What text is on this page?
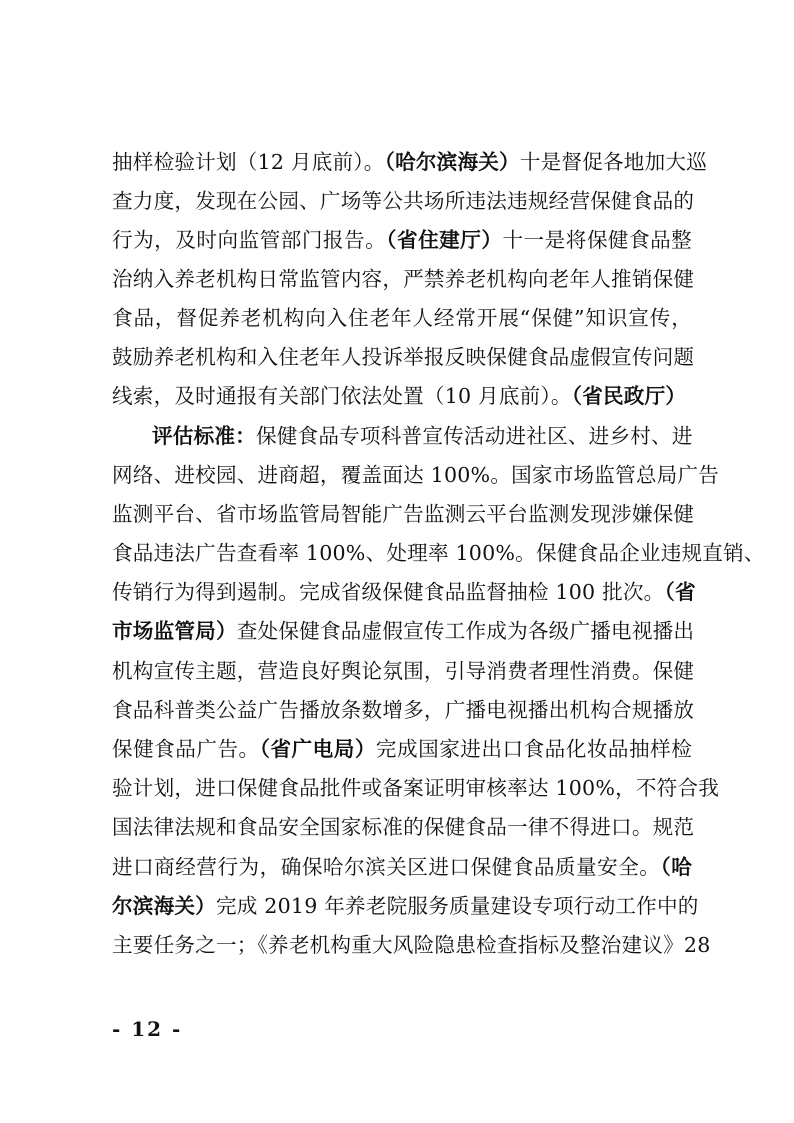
抽样检验计划（12 月底前）。（哈尔滨海关）十是督促各地加大巡
查力度，发现在公园、广场等公共场所违法违规经营保健食品的
行为，及时向监管部门报告。（省住建厅）十一是将保健食品整
治纳入养老机构日常监管内容，严禁养老机构向老年人推销保健
食品，督促养老机构向入住老年人经常开展“保健”知识宣传，
鼓励养老机构和入住老年人投诉举报反映保健食品虚假宣传问题
线索，及时通报有关部门依法处置（10 月底前）。（省民政厅）
评估标准：保健食品专项科普宣传活动进社区、进乡村、进
网络、进校园、进商超，覆盖面达 100%。国家市场监管总局广告
监测平台、省市场监管局智能广告监测云平台监测发现涉嫌保健
食品违法广告查看率 100%、处理率 100%。保健食品企业违规直销、
传销行为得到遏制。完成省级保健食品监督抽检 100 批次。（省
市场监管局）查处保健食品虚假宣传工作成为各级广播电视播出
机构宣传主题，营造良好舆论氛围，引导消费者理性消费。保健
食品科普类公益广告播放条数增多，广播电视播出机构合规播放
保健食品广告。（省广电局）完成国家进出口食品化妆品抽样检
验计划，进口保健食品批件或备案证明审核率达 100%，不符合我
国法律法规和食品安全国家标准的保健食品一律不得进口。规范
进口商经营行为，确保哈尔滨关区进口保健食品质量安全。（哈
尔滨海关）完成 2019 年养老院服务质量建设专项行动工作中的
主要任务之一；《养老机构重大风险隐患检查指标及整治建议》28
- 12 -
